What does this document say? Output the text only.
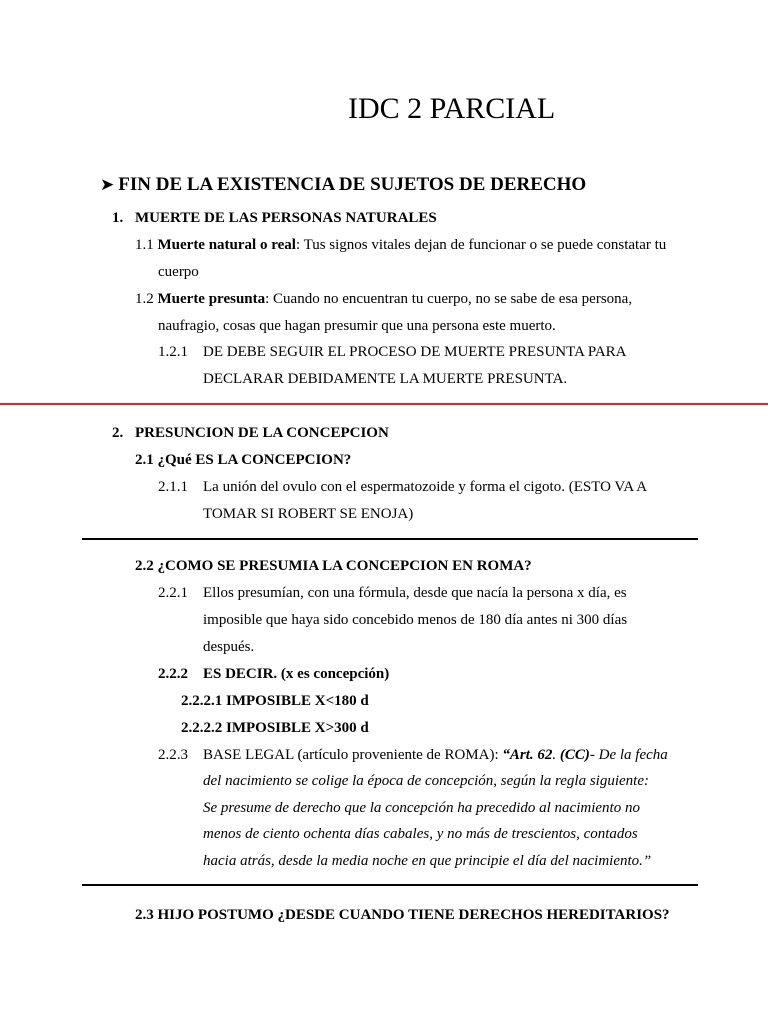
IDC 2 PARCIAL
➤ FIN DE LA EXISTENCIA DE SUJETOS DE DERECHO
1. MUERTE DE LAS PERSONAS NATURALES
1.1 Muerte natural o real: Tus signos vitales dejan de funcionar o se puede constatar tu
cuerpo
1.2 Muerte presunta: Cuando no encuentran tu cuerpo, no se sabe de esa persona,
naufragio, cosas que hagan presumir que una persona este muerto.
1.2.1 DE DEBE SEGUIR EL PROCESO DE MUERTE PRESUNTA PARA
DECLARAR DEBIDAMENTE LA MUERTE PRESUNTA.
2. PRESUNCION DE LA CONCEPCION
2.1 ¿Qué ES LA CONCEPCION?
2.1.1 La unión del ovulo con el espermatozoide y forma el cigoto. (ESTO VA A
TOMAR SI ROBERT SE ENOJA)
2.2 ¿COMO SE PRESUMIA LA CONCEPCION EN ROMA?
2.2.1 Ellos presumían, con una fórmula, desde que nacía la persona x día, es
imposible que haya sido concebido menos de 180 día antes ni 300 días
después.
2.2.2 ES DECIR. (x es concepción)
2.2.2.1 IMPOSIBLE X<180 d
2.2.2.2 IMPOSIBLE X>300 d
2.2.3 BASE LEGAL (artículo proveniente de ROMA): “Art. 62. (CC)- De la fecha
del nacimiento se colige la época de concepción, según la regla siguiente:
Se presume de derecho que la concepción ha precedido al nacimiento no
menos de ciento ochenta días cabales, y no más de trescientos, contados
hacia atrás, desde la media noche en que principie el día del nacimiento.”
2.3 HIJO POSTUMO ¿DESDE CUANDO TIENE DERECHOS HEREDITARIOS?
